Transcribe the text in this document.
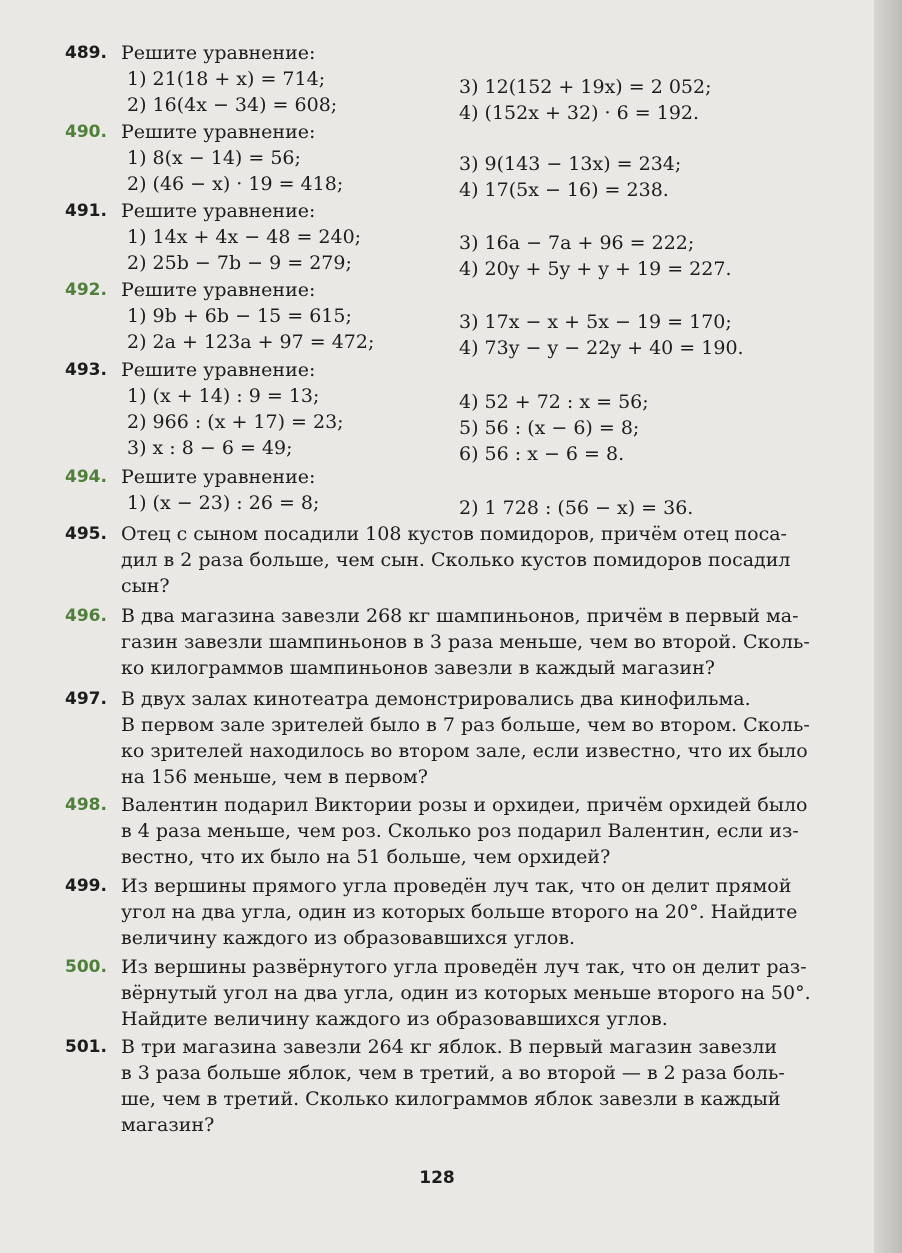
489. Решите уравнение:
1) 21(18 + x) = 714;
2) 16(4x − 34) = 608;
3) 12(152 + 19x) = 2 052;
4) (152x + 32) · 6 = 192.
490. Решите уравнение:
1) 8(x − 14) = 56;
2) (46 − x) · 19 = 418;
3) 9(143 − 13x) = 234;
4) 17(5x − 16) = 238.
491. Решите уравнение:
1) 14x + 4x − 48 = 240;
2) 25b − 7b − 9 = 279;
3) 16a − 7a + 96 = 222;
4) 20y + 5y + y + 19 = 227.
492. Решите уравнение:
1) 9b + 6b − 15 = 615;
2) 2a + 123a + 97 = 472;
3) 17x − x + 5x − 19 = 170;
4) 73y − y − 22y + 40 = 190.
493. Решите уравнение:
1) (x + 14) : 9 = 13;
2) 966 : (x + 17) = 23;
3) x : 8 − 6 = 49;
4) 52 + 72 : x = 56;
5) 56 : (x − 6) = 8;
6) 56 : x − 6 = 8.
494. Решите уравнение:
1) (x − 23) : 26 = 8;	2) 1 728 : (56 − x) = 36.
495. Отец с сыном посадили 108 кустов помидоров, причём отец поса-
дил в 2 раза больше, чем сын. Сколько кустов помидоров посадил
сын?
496. В два магазина завезли 268 кг шампиньонов, причём в первый ма-
газин завезли шампиньонов в 3 раза меньше, чем во второй. Сколь-
ко килограммов шампиньонов завезли в каждый магазин?
497. В двух залах кинотеатра демонстрировались два кинофильма.
В первом зале зрителей было в 7 раз больше, чем во втором. Сколь-
ко зрителей находилось во втором зале, если известно, что их было
на 156 меньше, чем в первом?
498. Валентин подарил Виктории розы и орхидеи, причём орхидей было
в 4 раза меньше, чем роз. Сколько роз подарил Валентин, если из-
вестно, что их было на 51 больше, чем орхидей?
499. Из вершины прямого угла проведён луч так, что он делит прямой
угол на два угла, один из которых больше второго на 20°. Найдите
величину каждого из образовавшихся углов.
500. Из вершины развёрнутого угла проведён луч так, что он делит раз-
вёрнутый угол на два угла, один из которых меньше второго на 50°.
Найдите величину каждого из образовавшихся углов.
501. В три магазина завезли 264 кг яблок. В первый магазин завезли
в 3 раза больше яблок, чем в третий, а во второй — в 2 раза боль-
ше, чем в третий. Сколько килограммов яблок завезли в каждый
магазин?
128
